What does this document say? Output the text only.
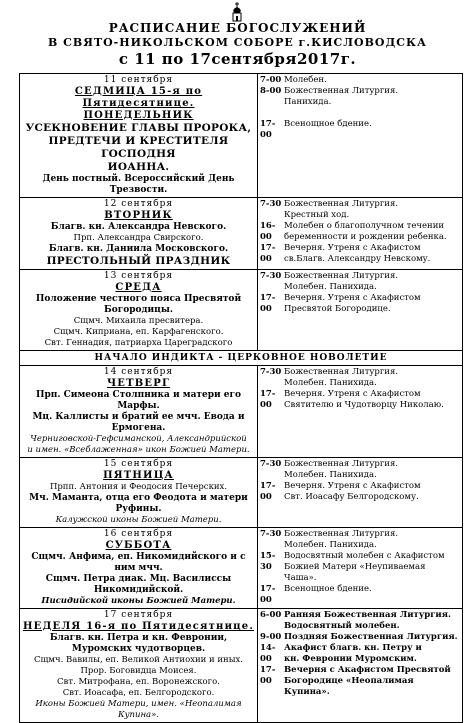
РАСПИСАНИЕ БОГОСЛУЖЕНИЙ
В СВЯТО-НИКОЛЬСКОМ СОБОРЕ г.КИСЛОВОДСКА
с 11 по 17сентября2017г.
11 сентября
СЕДМИЦА 15-я по Пятидесятнице.
ПОНЕДЕЛЬНИК
УСЕКНОВЕНИЕ ГЛАВЫ ПРОРОКА,
ПРЕДТЕЧИ И КРЕСТИТЕЛЯ ГОСПОДНЯ
ИОАННА.
День постный. Всероссийский День Трезвости.
7-00 Молебен.
8-00 Божественная Литургия.
Панихида.

17-00
Всенощное бдение.
12 сентября
ВТОРНИК
Благв. кн. Александра Невского.
Прп. Александра Свирского.
Благв. кн. Даниила Московского.
ПРЕСТОЛЬНЫЙ ПРАЗДНИК
7-30 Божественная Литургия.
Крестный ход.
16-00
Молебен о благополучном течении
беременности и рождении ребенка.
17-00
Вечерня. Утреня с Акафистом
св.Благв. Александру Невскому.
13 сентября
СРЕДА
Положение честного пояса Пресвятой Богородицы.
Сщмч. Михаила пресвитера.
Сщмч. Киприана, еп. Карфагенского.
Свт. Геннадия, патриарха Цареградского
7-30 Божественная Литургия.
Молебен. Панихида.
17-00
Вечерня. Утреня с Акафистом
Пресвятой Богородице.
НАЧАЛО ИНДИКТА - ЦЕРКОВНОЕ НОВОЛЕТИЕ
14 сентября
ЧЕТВЕРГ
Прп. Симеона Столпника и матери его Марфы.
Мц. Каллисты и братий ее мчч. Евода и Ермогена.
Черниговской-Гефсиманской, Александрийской
и имен. «Всеблаженная» икон Божией Матери.
7-30 Божественная Литургия.
Молебен. Панихида.
17-00
Вечерня. Утреня с Акафистом
Святителю и Чудотворцу Николаю.
15 сентября
ПЯТНИЦА
Прпп. Антония и Феодосия Печерских.
Мч. Маманта, отца его Феодота и матери Руфины.
Калужской иконы Божией Матери.
7-30 Божественная Литургия.
Молебен. Панихида.
17-00
Вечерня. Утреня с Акафистом
Свт. Иоасафу Белгородскому.
16 сентября
СУББОТА
Сщмч. Анфима, еп. Никомидийского и с ним мчч.
Сщмч. Петра диак. Мц. Василиссы Никомидийской.
Писидийской иконы Божией Матери.
7-30 Божественная Литургия.
Молебен. Панихида.
15-30
Водосвятный молебен с Акафистом
Божией Матери «Неупиваемая Чаша».
17-00
Всенощное бдение.
17 сентября
НЕДЕЛЯ 16-я по Пятидесятнице.
Благв. кн. Петра и кн. Февронии,
Муромских чудотворцев.
Сщмч. Вавилы, еп. Великой Антиохии и иных.
Прор. Боговидца Моисея.
Свт. Митрофана, еп. Воронежского.
Свт. Иоасафа, еп. Белгородского.
Иконы Божией Матери, имен. «Неопалимая Купина».
6-00 Ранняя Божественная Литургия.
Водосвятный молебен.
9-00 Поздняя Божественная Литургия.
14-00
Акафист благв. кн. Петру и
кн. Февронии Муромским.
17-00
Вечерня с Акафистом Пресвятой
Богородице «Неопалимая Купина».
